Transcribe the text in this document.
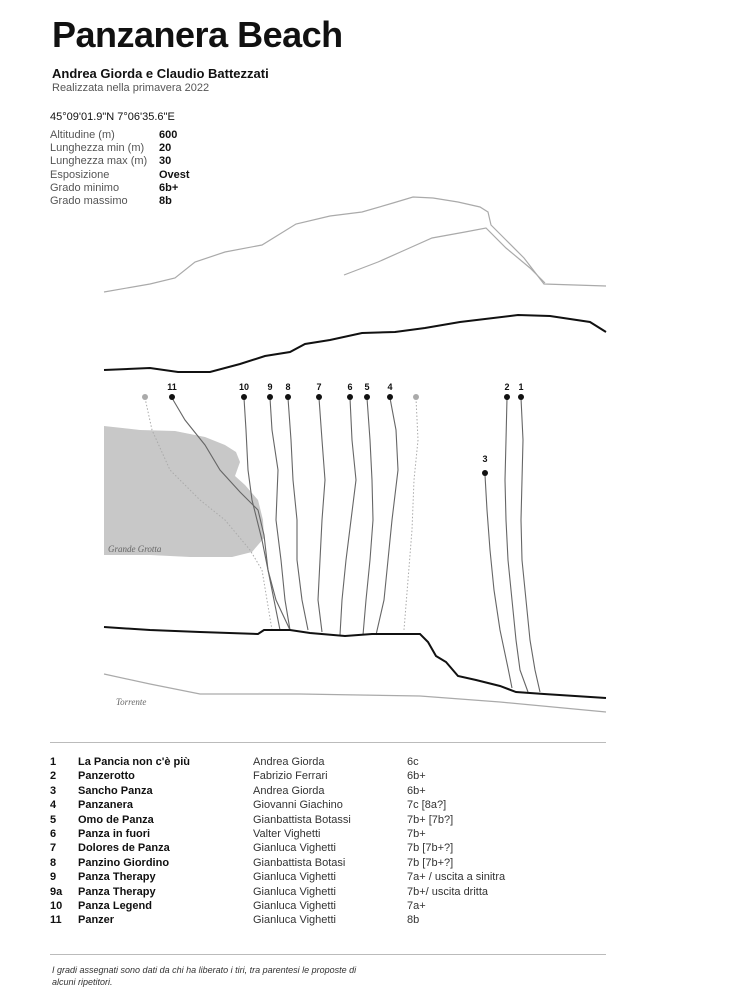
Panzanera Beach
Andrea Giorda e Claudio Battezzati
Realizzata nella primavera 2022
45°09'01.9"N 7°06'35.6"E
Altitudine (m)	600
Lunghezza min (m) 20
Lunghezza max (m) 30
Esposizione	Ovest
Grado minimo	6b+
Grado massimo	8b
Grande Grotta
11	10 9 8	7	6 5 4
3
2 1
Torrente
1 La Pancia non c'è più	Andrea Giorda	6c
2 Panzerotto	Fabrizio Ferrari	6b+
3 Sancho Panza	Andrea Giorda	6b+
4 Panzanera	Giovanni Giachino	7c [8a?]
5 Omo de Panza	Gianbattista Botassi	7b+ [7b?]
6 Panza in fuori	Valter Vighetti	7b+
7 Dolores de Panza	Gianluca Vighetti	7b [7b+?]
8 Panzino Giordino	Gianbattista Botasi	7b [7b+?]
9 Panza Therapy	Gianluca Vighetti	7a+ / uscita a sinitra
9a Panza Therapy	Gianluca Vighetti	7b+/ uscita dritta
10 Panza Legend	Gianluca Vighetti	7a+
11 Panzer	Gianluca Vighetti	8b
I gradi assegnati sono dati da chi ha liberato i tiri, tra parentesi le proposte di alcuni ripetitori.
